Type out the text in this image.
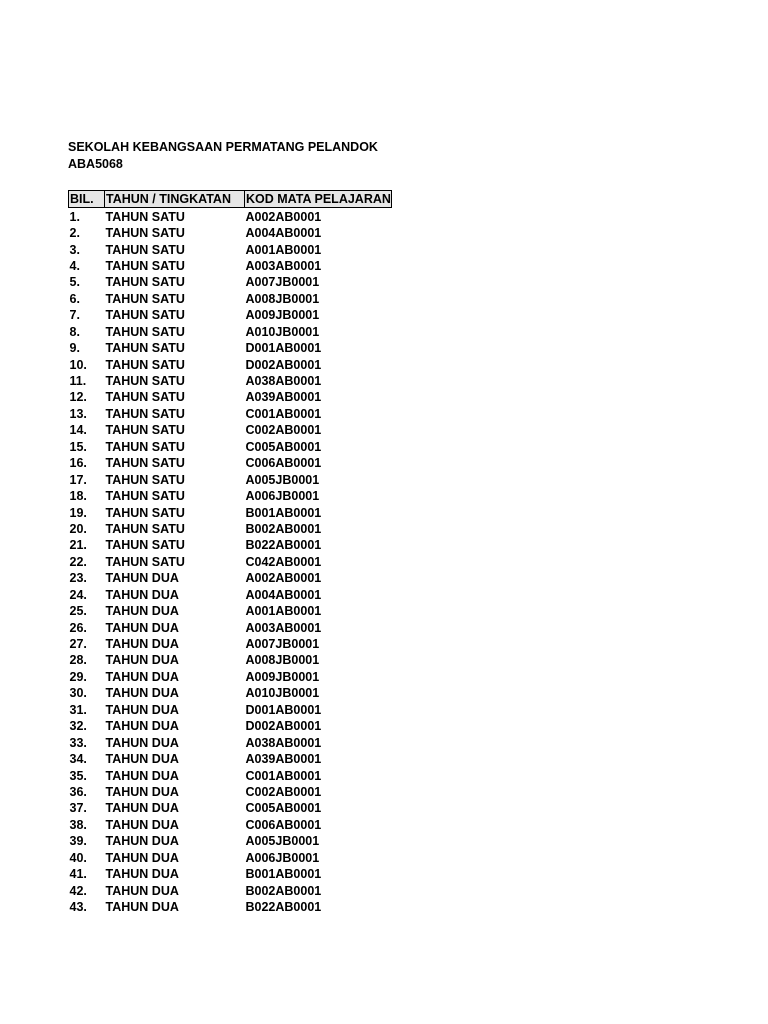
SEKOLAH KEBANGSAAN PERMATANG PELANDOK
ABA5068
BIL.	TAHUN / TINGKATAN	KOD MATA PELAJARAN
1.	TAHUN SATU	A002AB0001
2.	TAHUN SATU	A004AB0001
3.	TAHUN SATU	A001AB0001
4.	TAHUN SATU	A003AB0001
5.	TAHUN SATU	A007JB0001
6.	TAHUN SATU	A008JB0001
7.	TAHUN SATU	A009JB0001
8.	TAHUN SATU	A010JB0001
9.	TAHUN SATU	D001AB0001
10.	TAHUN SATU	D002AB0001
11.	TAHUN SATU	A038AB0001
12.	TAHUN SATU	A039AB0001
13.	TAHUN SATU	C001AB0001
14.	TAHUN SATU	C002AB0001
15.	TAHUN SATU	C005AB0001
16.	TAHUN SATU	C006AB0001
17.	TAHUN SATU	A005JB0001
18.	TAHUN SATU	A006JB0001
19.	TAHUN SATU	B001AB0001
20.	TAHUN SATU	B002AB0001
21.	TAHUN SATU	B022AB0001
22.	TAHUN SATU	C042AB0001
23.	TAHUN DUA	A002AB0001
24.	TAHUN DUA	A004AB0001
25.	TAHUN DUA	A001AB0001
26.	TAHUN DUA	A003AB0001
27.	TAHUN DUA	A007JB0001
28.	TAHUN DUA	A008JB0001
29.	TAHUN DUA	A009JB0001
30.	TAHUN DUA	A010JB0001
31.	TAHUN DUA	D001AB0001
32.	TAHUN DUA	D002AB0001
33.	TAHUN DUA	A038AB0001
34.	TAHUN DUA	A039AB0001
35.	TAHUN DUA	C001AB0001
36.	TAHUN DUA	C002AB0001
37.	TAHUN DUA	C005AB0001
38.	TAHUN DUA	C006AB0001
39.	TAHUN DUA	A005JB0001
40.	TAHUN DUA	A006JB0001
41.	TAHUN DUA	B001AB0001
42.	TAHUN DUA	B002AB0001
43.	TAHUN DUA	B022AB0001
